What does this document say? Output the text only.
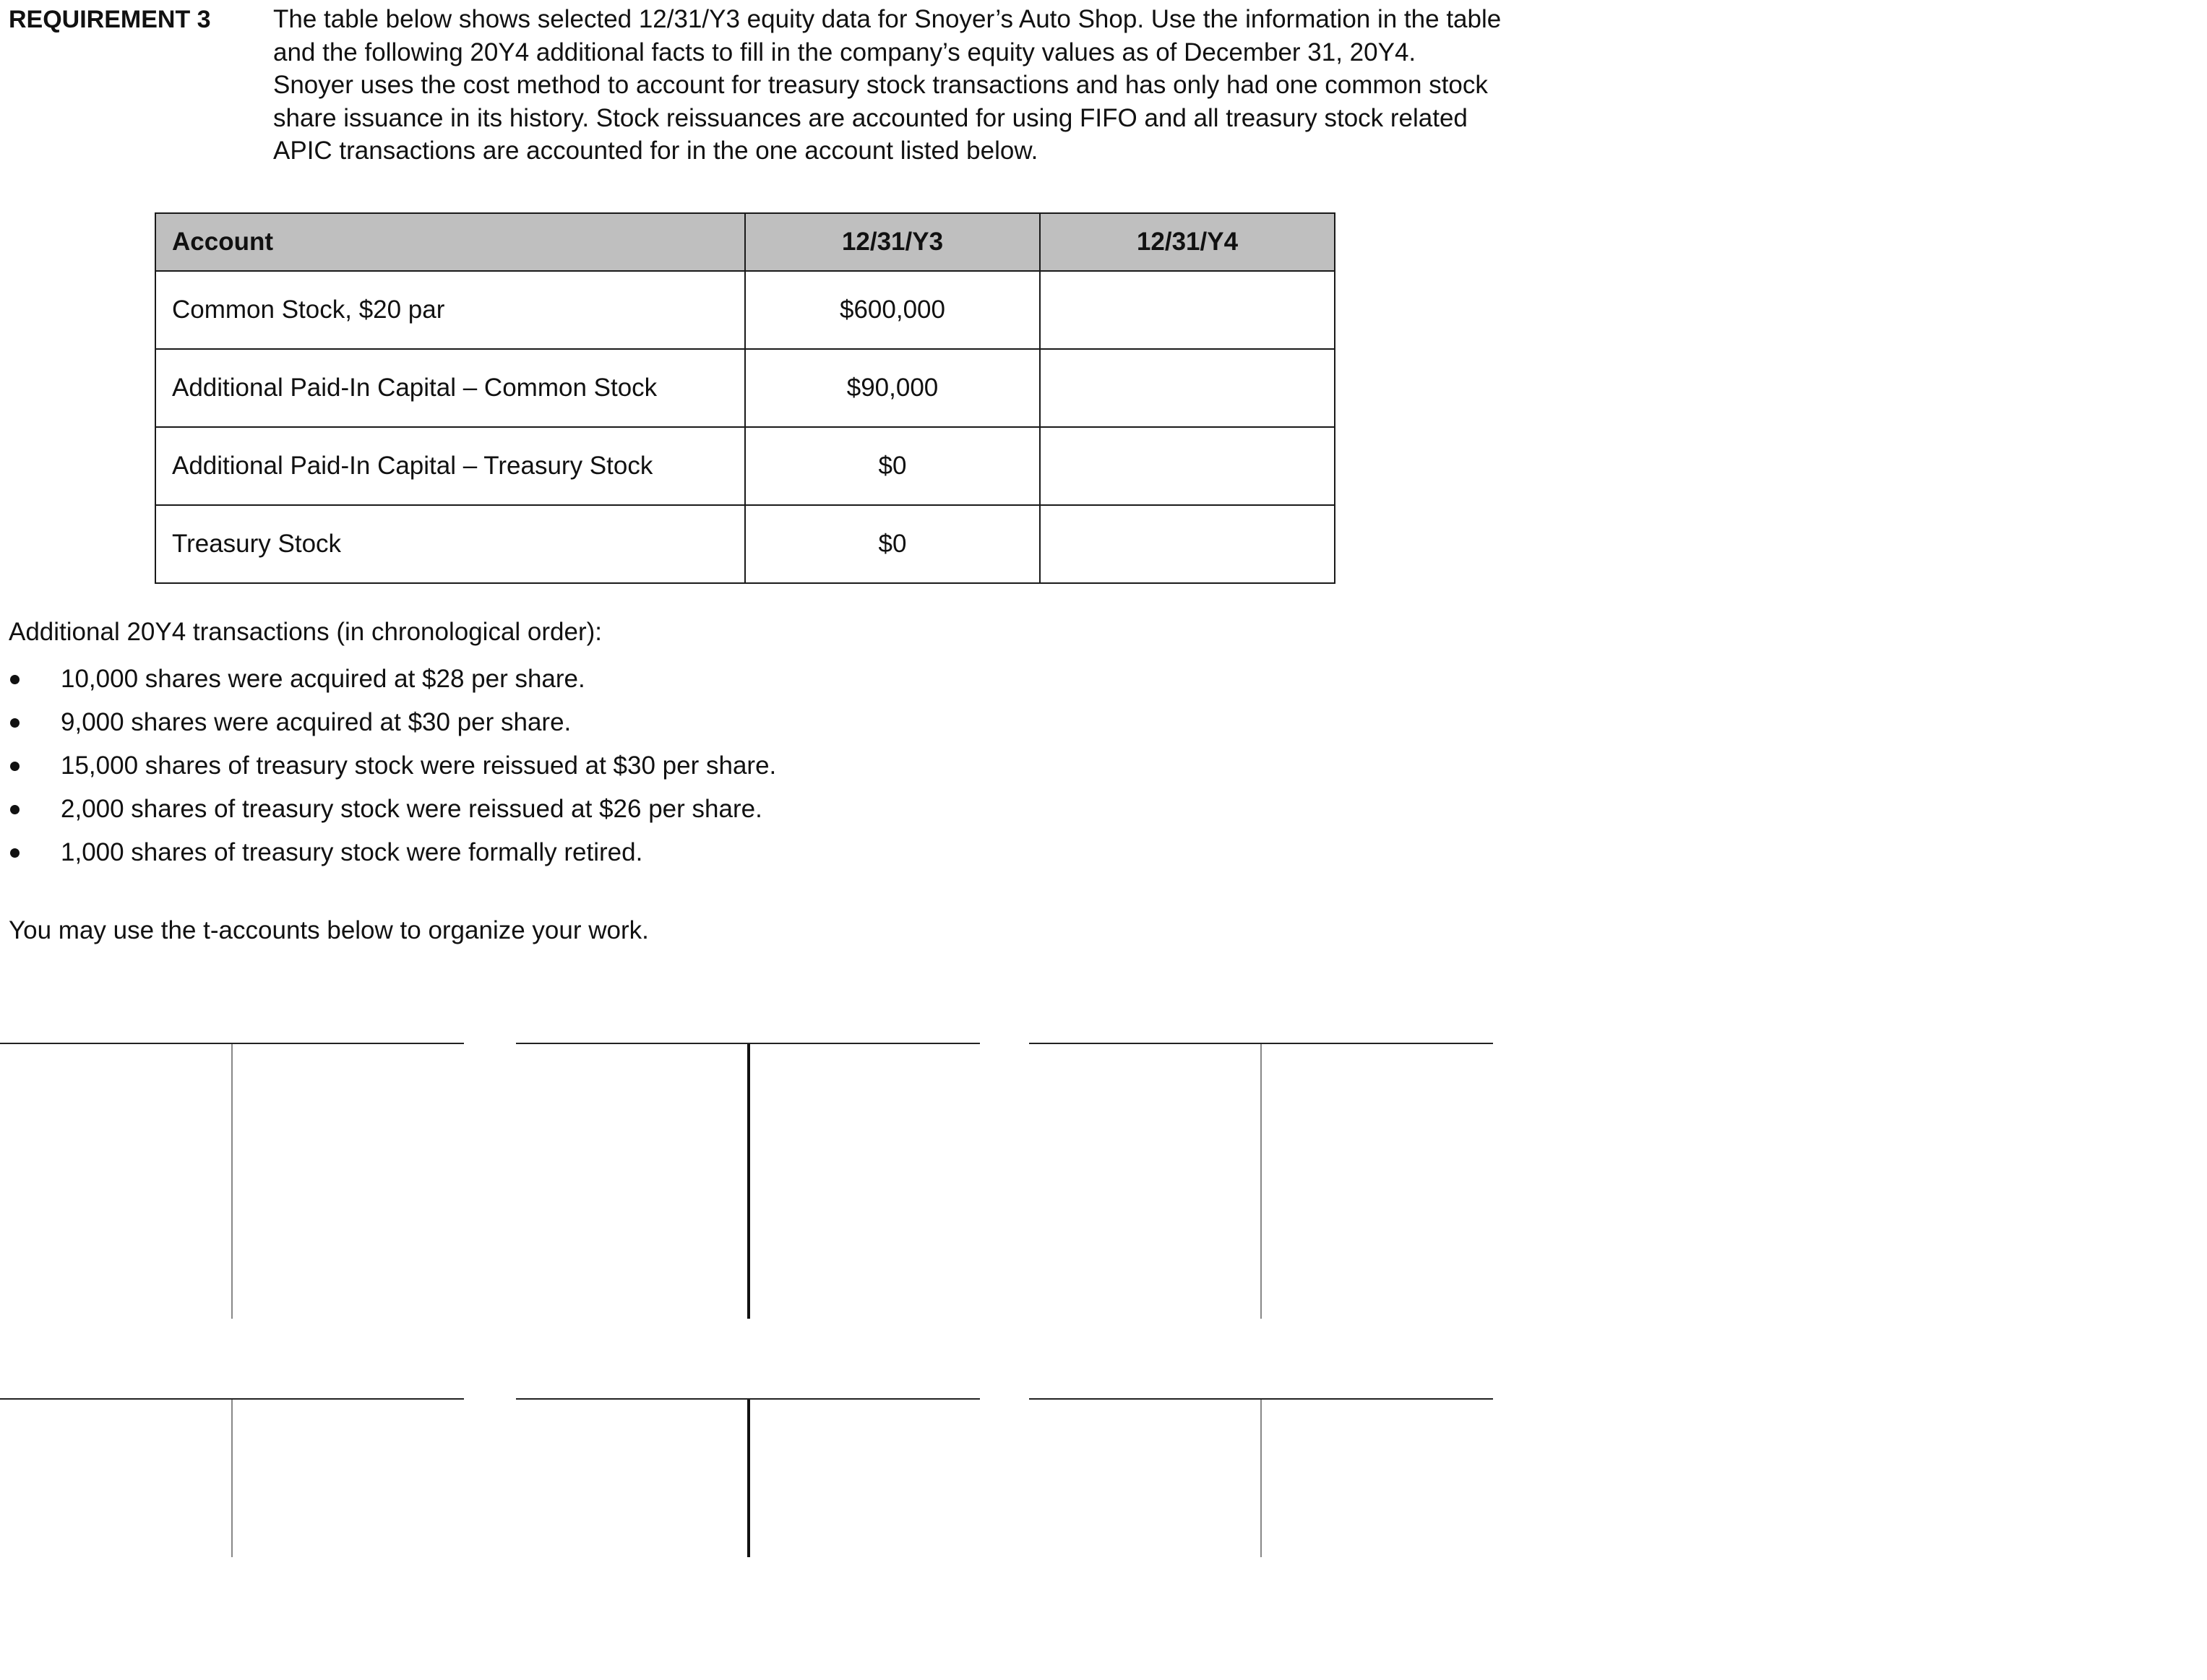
REQUIREMENT 3 The table below shows selected 12/31/Y3 equity data for Snoyer’s Auto Shop. Use the information in the table and the following 20Y4 additional facts to fill in the company’s equity values as of December 31, 20Y4. Snoyer uses the cost method to account for treasury stock transactions and has only had one common stock share issuance in its history. Stock reissuances are accounted for using FIFO and all treasury stock related APIC transactions are accounted for in the one account listed below.
Account	12/31/Y3	12/31/Y4
Common Stock, $20 par	$600,000	
Additional Paid-In Capital – Common Stock	$90,000	
Additional Paid-In Capital – Treasury Stock	$0	
Treasury Stock	$0	
Additional 20Y4 transactions (in chronological order):
10,000 shares were acquired at $28 per share.
9,000 shares were acquired at $30 per share.
15,000 shares of treasury stock were reissued at $30 per share.
2,000 shares of treasury stock were reissued at $26 per share.
1,000 shares of treasury stock were formally retired.
You may use the t-accounts below to organize your work.
